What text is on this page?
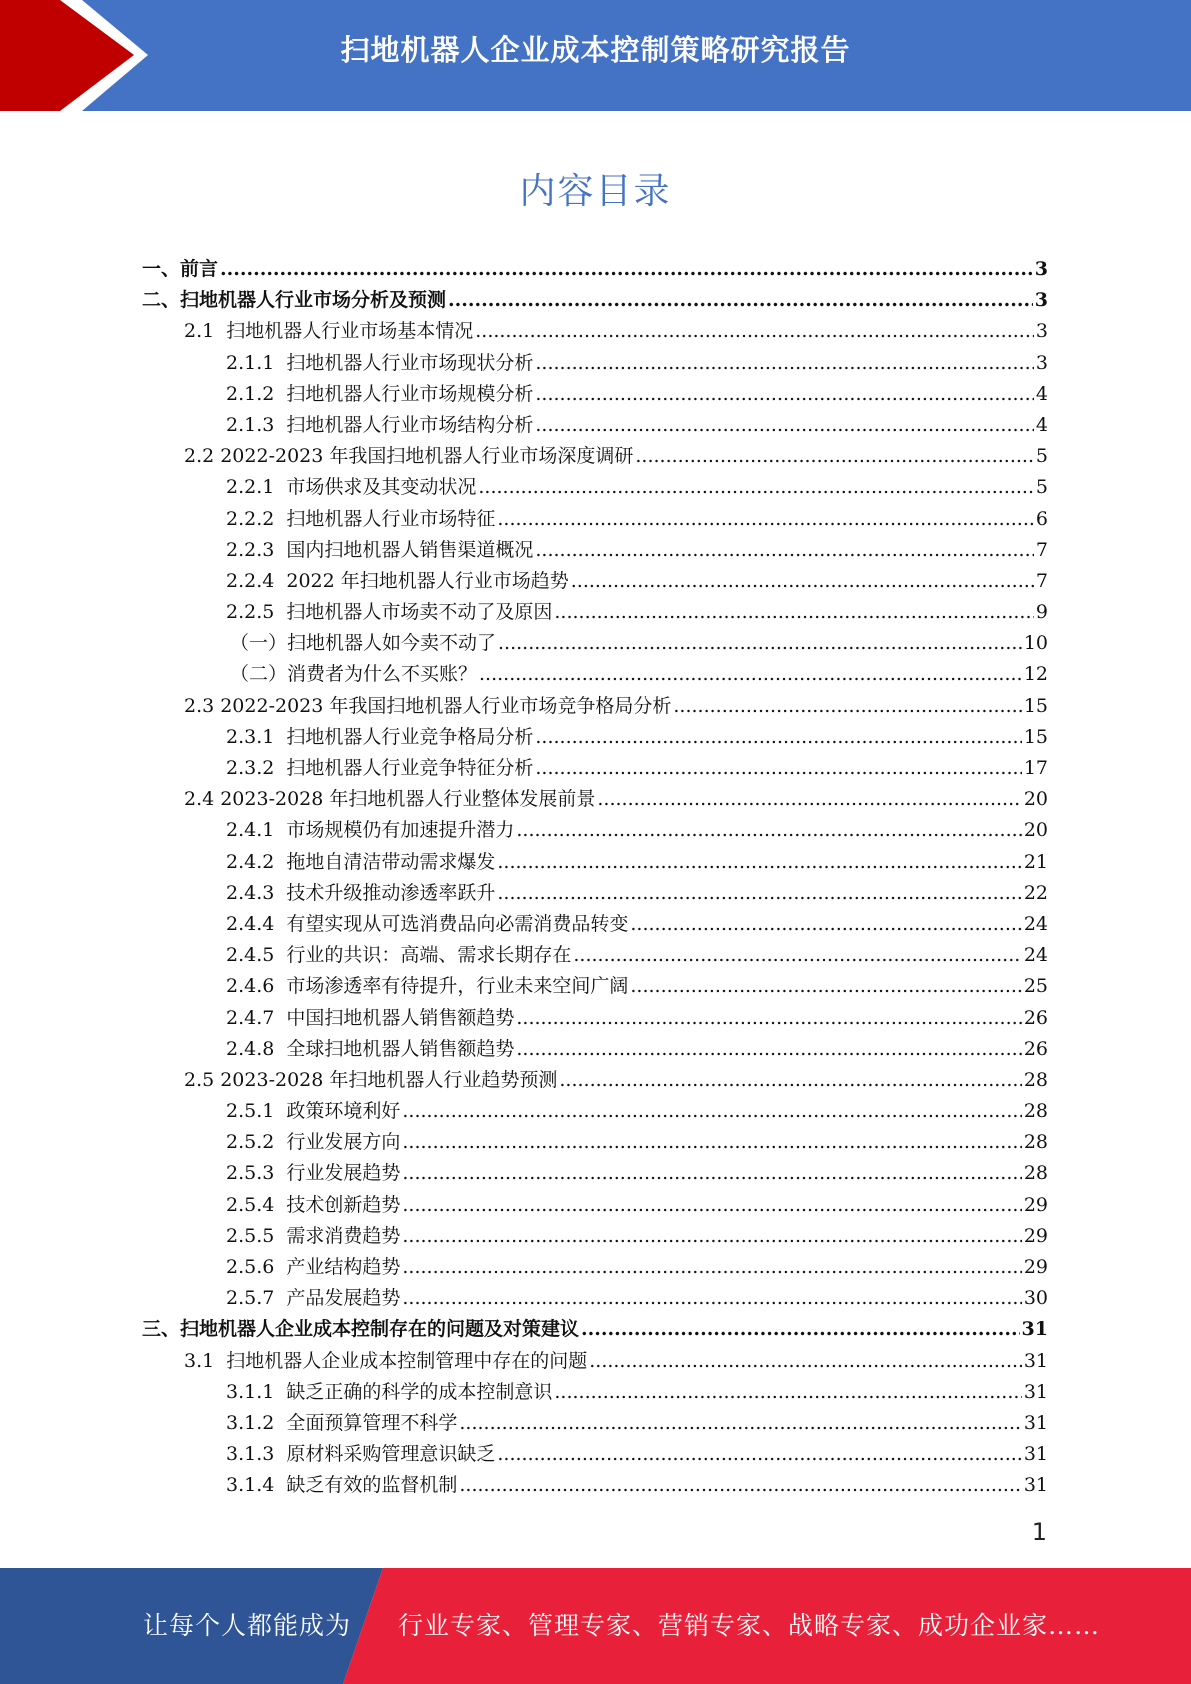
扫地机器人企业成本控制策略研究报告
内容目录
一、前言 .....	3
二、扫地机器人行业市场分析及预测 .....	3
2.1 扫地机器人行业市场基本情况 .....	3
2.1.1 扫地机器人行业市场现状分析 .....	3
2.1.2 扫地机器人行业市场规模分析 .....	4
2.1.3 扫地机器人行业市场结构分析 .....	4
2.2 2022-2023 年我国扫地机器人行业市场深度调研 .....	5
2.2.1 市场供求及其变动状况 .....	5
2.2.2 扫地机器人行业市场特征 .....	6
2.2.3 国内扫地机器人销售渠道概况 .....	7
2.2.4 2022 年扫地机器人行业市场趋势 .....	7
2.2.5 扫地机器人市场卖不动了及原因 .....	9
（一）扫地机器人如今卖不动了 .....	10
（二）消费者为什么不买账？ .....	12
2.3 2022-2023 年我国扫地机器人行业市场竞争格局分析 .....	15
2.3.1 扫地机器人行业竞争格局分析 .....	15
2.3.2 扫地机器人行业竞争特征分析 .....	17
2.4 2023-2028 年扫地机器人行业整体发展前景 .....	20
2.4.1 市场规模仍有加速提升潜力 .....	20
2.4.2 拖地自清洁带动需求爆发 .....	21
2.4.3 技术升级推动渗透率跃升 .....	22
2.4.4 有望实现从可选消费品向必需消费品转变 .....	24
2.4.5 行业的共识：高端、需求长期存在 .....	24
2.4.6 市场渗透率有待提升，行业未来空间广阔 .....	25
2.4.7 中国扫地机器人销售额趋势 .....	26
2.4.8 全球扫地机器人销售额趋势 .....	26
2.5 2023-2028 年扫地机器人行业趋势预测 .....	28
2.5.1 政策环境利好 .....	28
2.5.2 行业发展方向 .....	28
2.5.3 行业发展趋势 .....	28
2.5.4 技术创新趋势 .....	29
2.5.5 需求消费趋势 .....	29
2.5.6 产业结构趋势 .....	29
2.5.7 产品发展趋势 .....	30
三、扫地机器人企业成本控制存在的问题及对策建议 .....	31
3.1 扫地机器人企业成本控制管理中存在的问题 .....	31
3.1.1 缺乏正确的科学的成本控制意识 .....	31
3.1.2 全面预算管理不科学 .....	31
3.1.3 原材料采购管理意识缺乏 .....	31
3.1.4 缺乏有效的监督机制 .....	31
1
让每个人都能成为 行业专家、管理专家、营销专家、战略专家、成功企业家……
